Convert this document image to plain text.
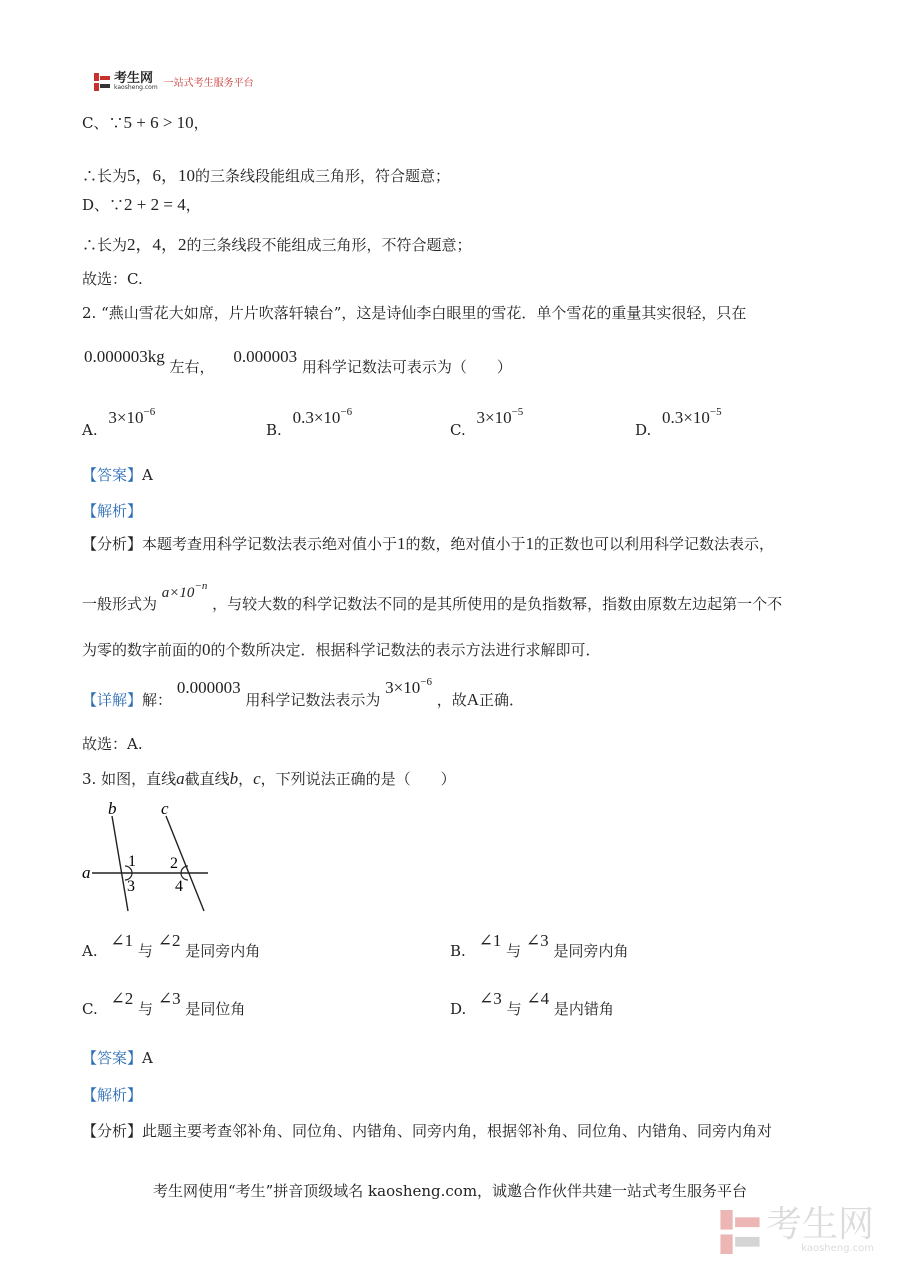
考生网
kaosheng.com 一站式考生服务平台
C、∵5 + 6 > 10，
∴长为5，6，10的三条线段能组成三角形，符合题意；
D、∵2 + 2 = 4，
∴长为2，4，2的三条线段不能组成三角形，不符合题意；
故选：C.
2. “燕山雪花大如席，片片吹落轩辕台”，这是诗仙李白眼里的雪花．单个雪花的重量其实很轻，只在
0.000003kg 左右， 0.000003 用科学记数法可表示为（　　）
A. $3\times 10^{-6}$
B. $0.3\times 10^{-6}$
C. $3\times 10^{-5}$
D. $0.3\times 10^{-5}$
【答案】A
【解析】
【分析】本题考查用科学记数法表示绝对值小于1的数，绝对值小于1的正数也可以利用科学记数法表示，
一般形式为 $a\times 10^{-n}$ ，与较大数的科学记数法不同的是其所使用的是负指数幂，指数由原数左边起第一个不
为零的数字前面的0的个数所决定．根据科学记数法的表示方法进行求解即可．
【详解】解： 0.000003 用科学记数法表示为 $3\times 10^{-6}$ ，故A正确．
故选：A.
3. 如图，直线a截直线b，c，下列说法正确的是（　　）
a
b	c
1 2
3	4
A. ∠1 与 ∠2 是同旁内角	B. ∠1 与 ∠3 是同旁内角
C. ∠2 与 ∠3 是同位角	D. ∠3 与 ∠4 是内错角
【答案】A
【解析】
【分析】此题主要考查邻补角、同位角、内错角、同旁内角，根据邻补角、同位角、内错角、同旁内角对
考生网使用“考生”拼音顶级域名 kaosheng.com，诚邀合作伙伴共建一站式考生服务平台
考生网
kaosheng.com
